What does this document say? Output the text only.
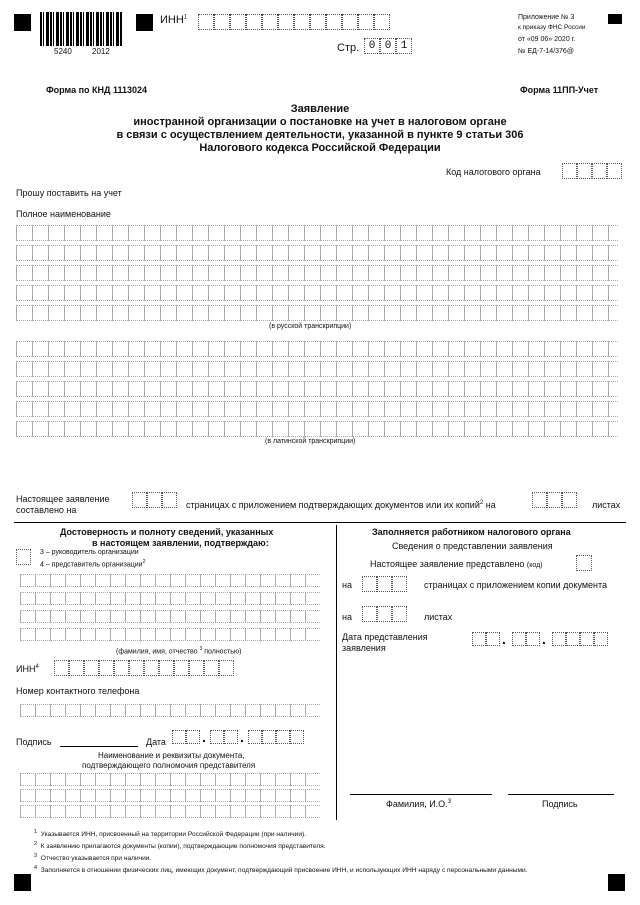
5240	2012
ИНН$^1$
Стр. 0 0 1
Приложение № 3
к приказу ФНС России
от «09 06» 2020 г.
№ ЕД-7-14/376@
Форма по КНД 1113024	Форма 11ПП-Учет
Заявление
иностранной организации о постановке на учет в налоговом органе
в связи с осуществлением деятельности, указанной в пункте 9 статьи 306
Налогового кодекса Российской Федерации
Код налогового органа
Прошу поставить на учет
Полное наименование
(в русской транскрипции)
(в латинской транскрипции)
Настоящее заявление
составлено на	страницах с приложением подтверждающих документов или их копий$^2$ на	листах
Достоверность и полноту сведений, указанных
в настоящем заявлении, подтверждаю:
3 – руководитель организации
4 – представитель организации$^2$
(фамилия, имя, отчество $^3$ полностью)
ИНН$^4$
Номер контактного телефона
Подпись	Дата	. .
Наименование и реквизиты документа,
подтверждающего полномочия представителя
Заполняется работником налогового органа
Сведения о представлении заявления
Настоящее заявление представлено (код)
на	страницах с приложением копии документа
на	листах
Дата представления
заявления
.	.
Фамилия, И.О.$^3$	Подпись
$^1$ Указывается ИНН, присвоенный на территории Российской Федерации (при наличии).
$^2$ К заявлению прилагаются документы (копии), подтверждающие полномочия представителя.
$^3$ Отчество указывается при наличии.
$^4$ Заполняется в отношении физических лиц, имеющих документ, подтверждающий присвоение ИНН, и использующих ИНН наряду с персональными данными.
